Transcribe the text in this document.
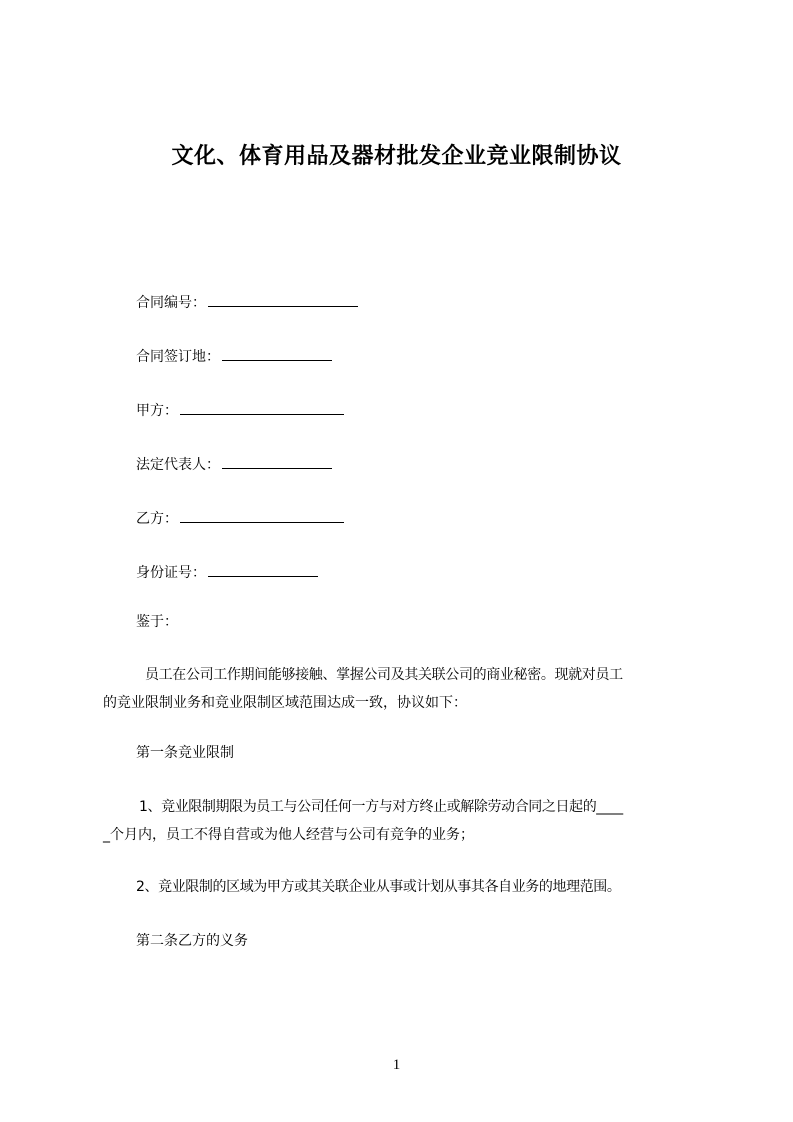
文化、体育用品及器材批发企业竞业限制协议
合同编号：
合同签订地：
甲方：
法定代表人：
乙方：
身份证号：
鉴于：
员工在公司工作期间能够接触、掌握公司及其关联公司的商业秘密。现就对员工
的竞业限制业务和竞业限制区域范围达成一致，协议如下：
第一条竞业限制
1、竞业限制期限为员工与公司任何一方与对方终止或解除劳动合同之日起的____
_个月内，员工不得自营或为他人经营与公司有竞争的业务；
2、竞业限制的区域为甲方或其关联企业从事或计划从事其各自业务的地理范围。
第二条乙方的义务
1
